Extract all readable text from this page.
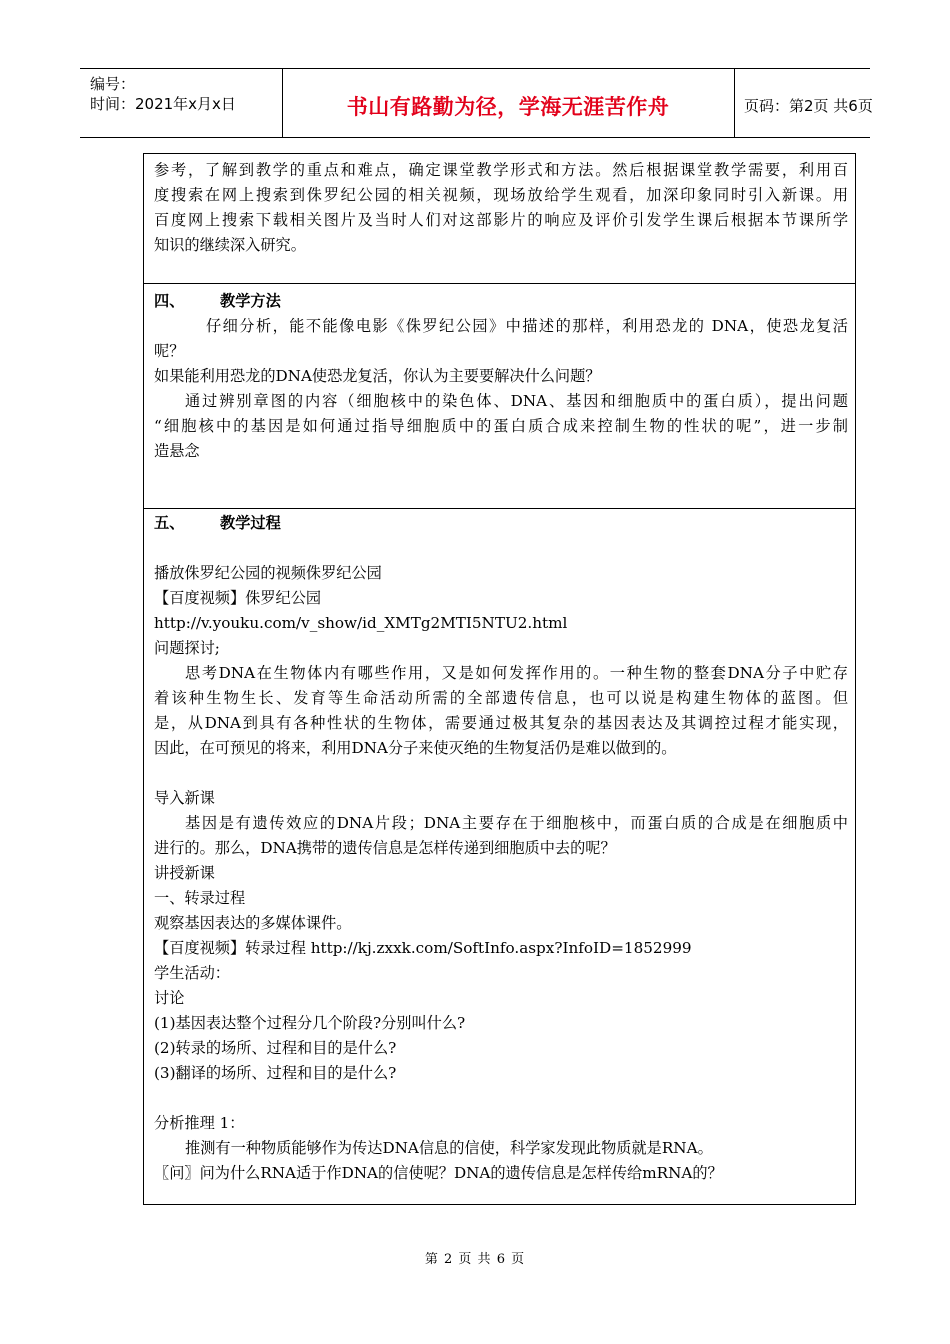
编号：
时间：2021年x月x日	书山有路勤为径，学海无涯苦作舟	页码：第2页 共6页
参考，了解到教学的重点和难点，确定课堂教学形式和方法。然后根据课堂教学需要，利用百
度搜索在网上搜索到侏罗纪公园的相关视频，现场放给学生观看，加深印象同时引入新课。用
百度网上搜索下载相关图片及当时人们对这部影片的响应及评价引发学生课后根据本节课所学
知识的继续深入研究。
四、 教学方法
仔细分析，能不能像电影《侏罗纪公园》中描述的那样，利用恐龙的 DNA，使恐龙复活
呢？
如果能利用恐龙的DNA使恐龙复活，你认为主要要解决什么问题？
通过辨别章图的内容（细胞核中的染色体、DNA、基因和细胞质中的蛋白质），提出问题
“细胞核中的基因是如何通过指导细胞质中的蛋白质合成来控制生物的性状的呢”，进一步制
造悬念
五、 教学过程
播放侏罗纪公园的视频侏罗纪公园
【百度视频】侏罗纪公园
http://v.youku.com/v_show/id_XMTg2MTI5NTU2.html
问题探讨;
思考DNA在生物体内有哪些作用，又是如何发挥作用的。一种生物的整套DNA分子中贮存
着该种生物生长、发育等生命活动所需的全部遗传信息，也可以说是构建生物体的蓝图。但
是，从DNA到具有各种性状的生物体，需要通过极其复杂的基因表达及其调控过程才能实现，
因此，在可预见的将来，利用DNA分子来使灭绝的生物复活仍是难以做到的。
导入新课
基因是有遗传效应的DNA片段；DNA主要存在于细胞核中，而蛋白质的合成是在细胞质中
进行的。那么，DNA携带的遗传信息是怎样传递到细胞质中去的呢？
讲授新课
一、转录过程
观察基因表达的多媒体课件。
【百度视频】转录过程 http://kj.zxxk.com/SoftInfo.aspx?InfoID=1852999
学生活动：
讨论
(1)基因表达整个过程分几个阶段?分别叫什么?
(2)转录的场所、过程和目的是什么?
(3)翻译的场所、过程和目的是什么?
分析推理 1：
推测有一种物质能够作为传达DNA信息的信使，科学家发现此物质就是RNA。
〖问〗问为什么RNA适于作DNA的信使呢？DNA的遗传信息是怎样传给mRNA的？
第 2 页 共 6 页
